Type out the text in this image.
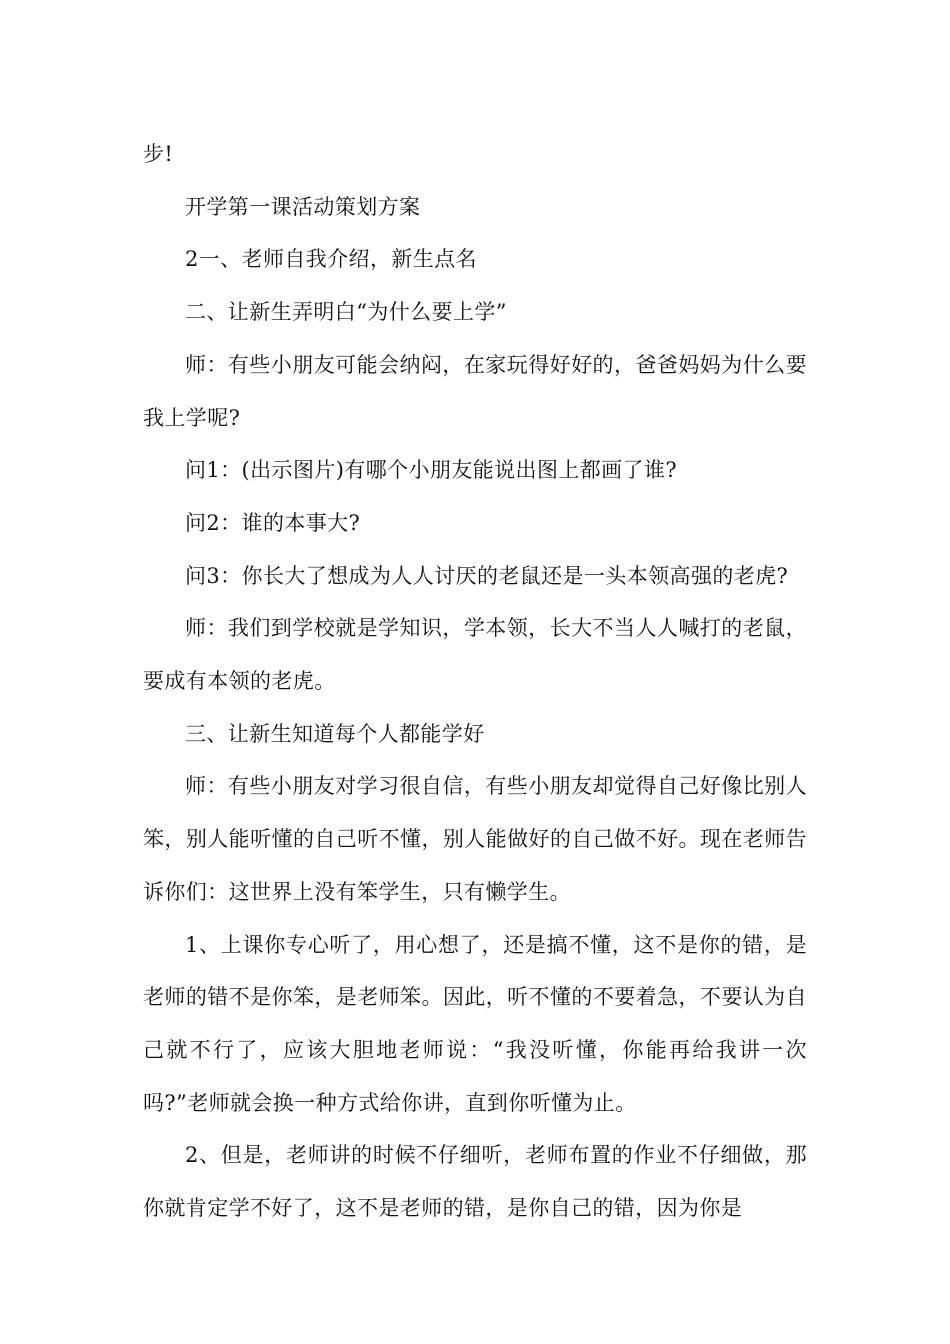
步!

开学第一课活动策划方案

2一、老师自我介绍，新生点名

二、让新生弄明白“为什么要上学”

师：有些小朋友可能会纳闷，在家玩得好好的，爸爸妈妈为什么要我上学呢?

问1：(出示图片)有哪个小朋友能说出图上都画了谁?

问2：谁的本事大?

问3：你长大了想成为人人讨厌的老鼠还是一头本领高强的老虎?

师：我们到学校就是学知识，学本领，长大不当人人喊打的老鼠，要成有本领的老虎。

三、让新生知道每个人都能学好

师：有些小朋友对学习很自信，有些小朋友却觉得自己好像比别人笨，别人能听懂的自己听不懂，别人能做好的自己做不好。现在老师告诉你们：这世界上没有笨学生，只有懒学生。

1、上课你专心听了，用心想了，还是搞不懂，这不是你的错，是老师的错不是你笨，是老师笨。因此，听不懂的不要着急，不要认为自己就不行了，应该大胆地老师说：“我没听懂，你能再给我讲一次吗?”老师就会换一种方式给你讲，直到你听懂为止。

2、但是，老师讲的时候不仔细听，老师布置的作业不仔细做，那你就肯定学不好了，这不是老师的错，是你自己的错，因为你是
